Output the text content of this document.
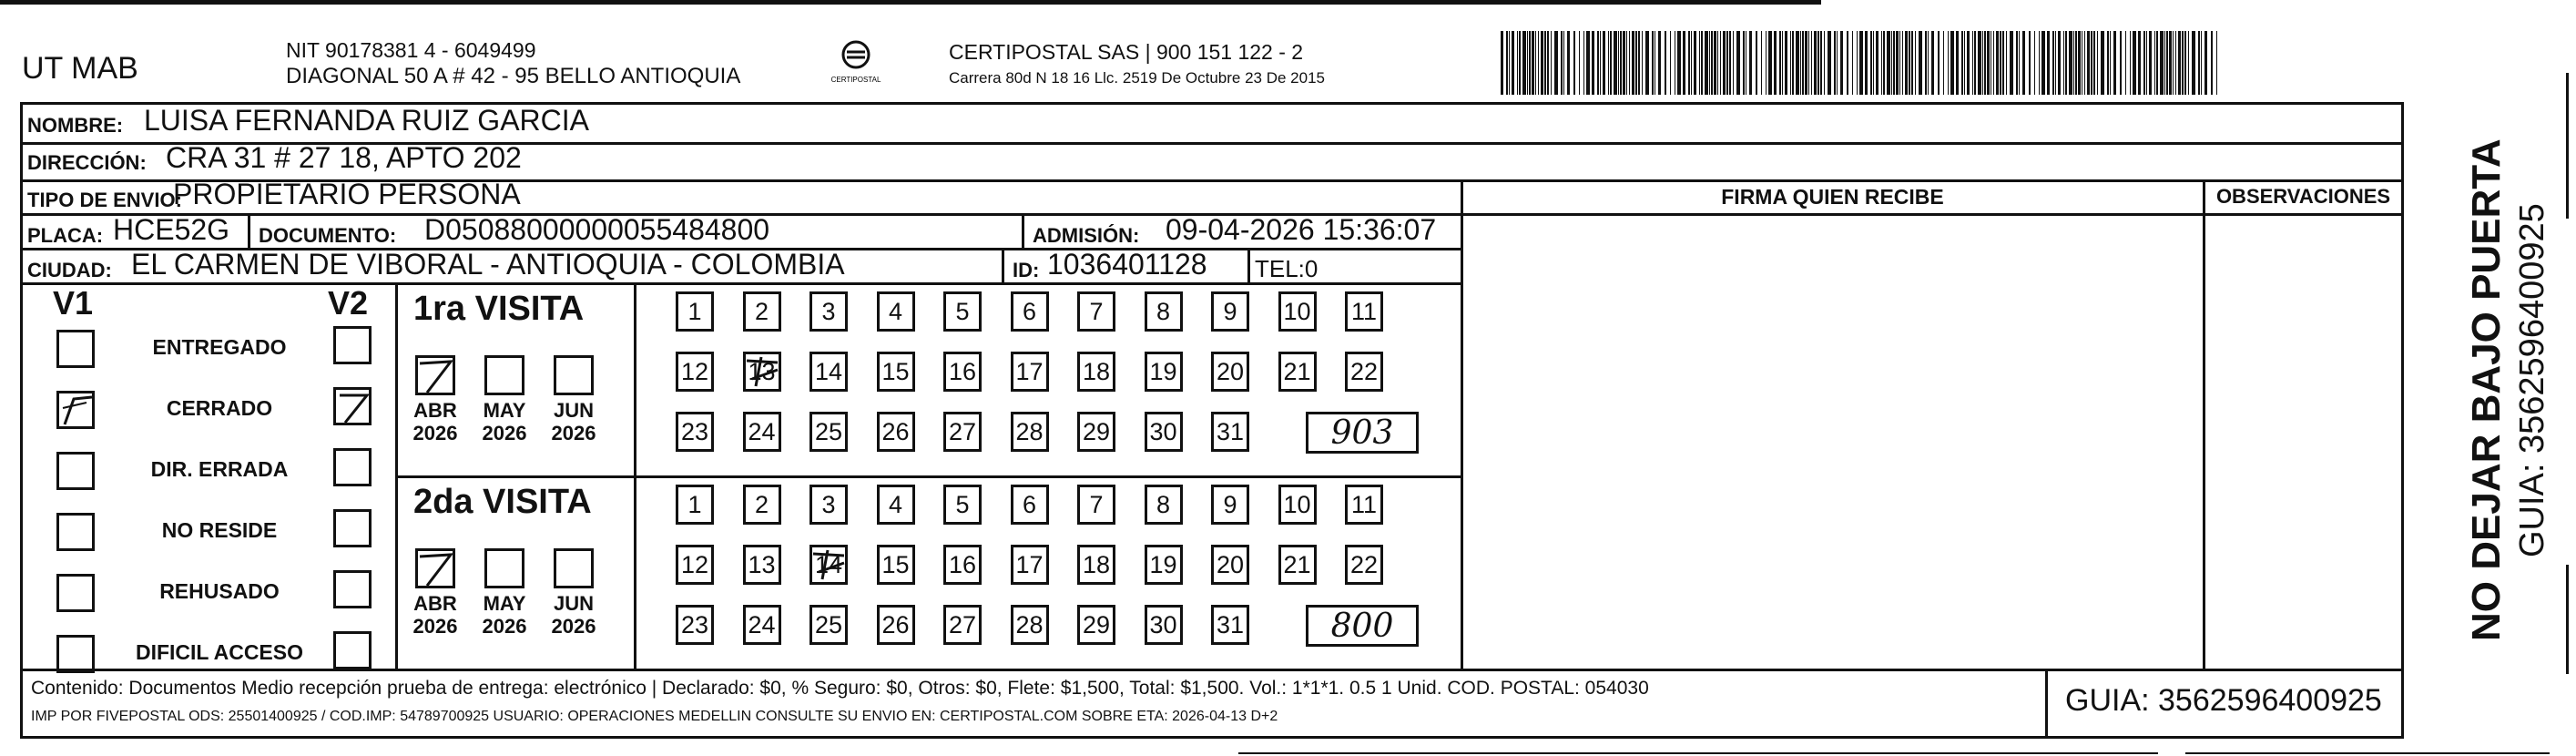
UT MAB
NIT 90178381 4 - 6049499
DIAGONAL 50 A # 42 - 95 BELLO ANTIOQUIA	CERTIPOSTAL
CERTIPOSTAL SAS | 900 151 122 - 2
Carrera 80d N 18 16 Llc. 2519 De Octubre 23 De 2015
NOMBRE: LUISA FERNANDA RUIZ GARCIA
DIRECCIÓN: CRA 31 # 27 18, APTO 202
TIPO DE ENVIO:
PROPIETARIO PERSONA	FIRMA QUIEN RECIBE	OBSERVACIONES
PLACA: HCE52G DOCUMENTO: D05088000000055484800	ADMISIÓN: 09-04-2026 15:36:07
CIUDAD: EL CARMEN DE VIBORAL - ANTIOQUIA - COLOMBIA	ID: 1036401128 TEL:0
V1	V2
ENTREGADO
CERRADO
DIR. ERRADA
NO RESIDE
REHUSADO
DIFICIL ACCESO
1ra VISITA
2da VISITA
ABR
2026
MAY
2026
JUN
2026
1	2	3	4	5	6	7	8	9	10 11
12 13 14 15 16 17 18 19 20 21 22
23 24 25 26 27 28 29 30 31	903
ABR
2026
MAY
2026
JUN
2026
1	2	3	4	5	6	7	8	9	10 11
12 13 14 15 16 17 18 19 20 21 22
23 24 25 26 27 28 29 30 31	800
Contenido: Documentos Medio recepción prueba de entrega: electrónico | Declarado: $0, % Seguro: $0, Otros: $0, Flete: $1,500, Total: $1,500. Vol.: 1*1*1. 0.5 1 Unid. COD. POSTAL: 054030
IMP POR FIVEPOSTAL ODS: 25501400925 / COD.IMP: 54789700925 USUARIO: OPERACIONES MEDELLIN CONSULTE SU ENVIO EN: CERTIPOSTAL.COM SOBRE ETA: 2026-04-13 D+2	GUIA: 3562596400925
NO DEJAR BAJO PUERTA GUIA: 3562596400925
